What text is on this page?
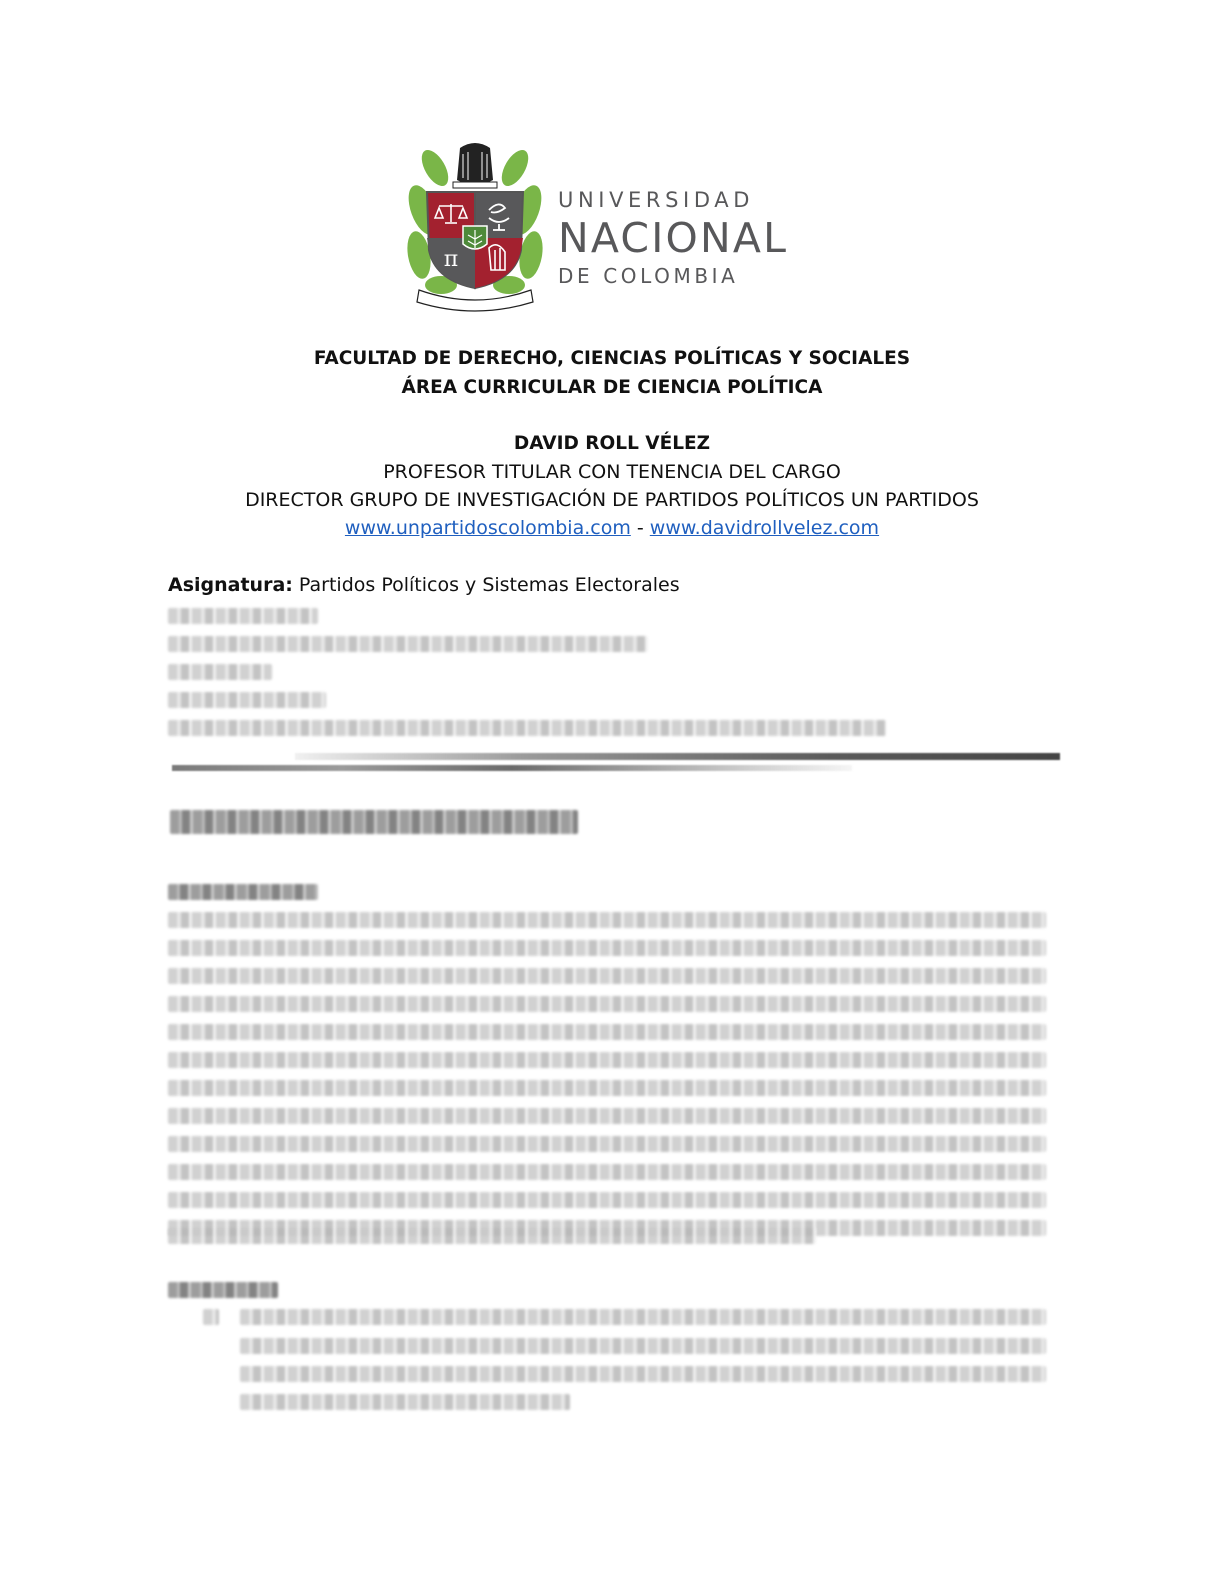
π
UNIVERSIDAD
NACIONAL
DE COLOMBIA
FACULTAD DE DERECHO, CIENCIAS POLÍTICAS Y SOCIALES
ÁREA CURRICULAR DE CIENCIA POLÍTICA
DAVID ROLL VÉLEZ
PROFESOR TITULAR CON TENENCIA DEL CARGO
DIRECTOR GRUPO DE INVESTIGACIÓN DE PARTIDOS POLÍTICOS UN PARTIDOS
www.unpartidoscolombia.com - www.davidrollvelez.com
Asignatura: Partidos Políticos y Sistemas Electorales
